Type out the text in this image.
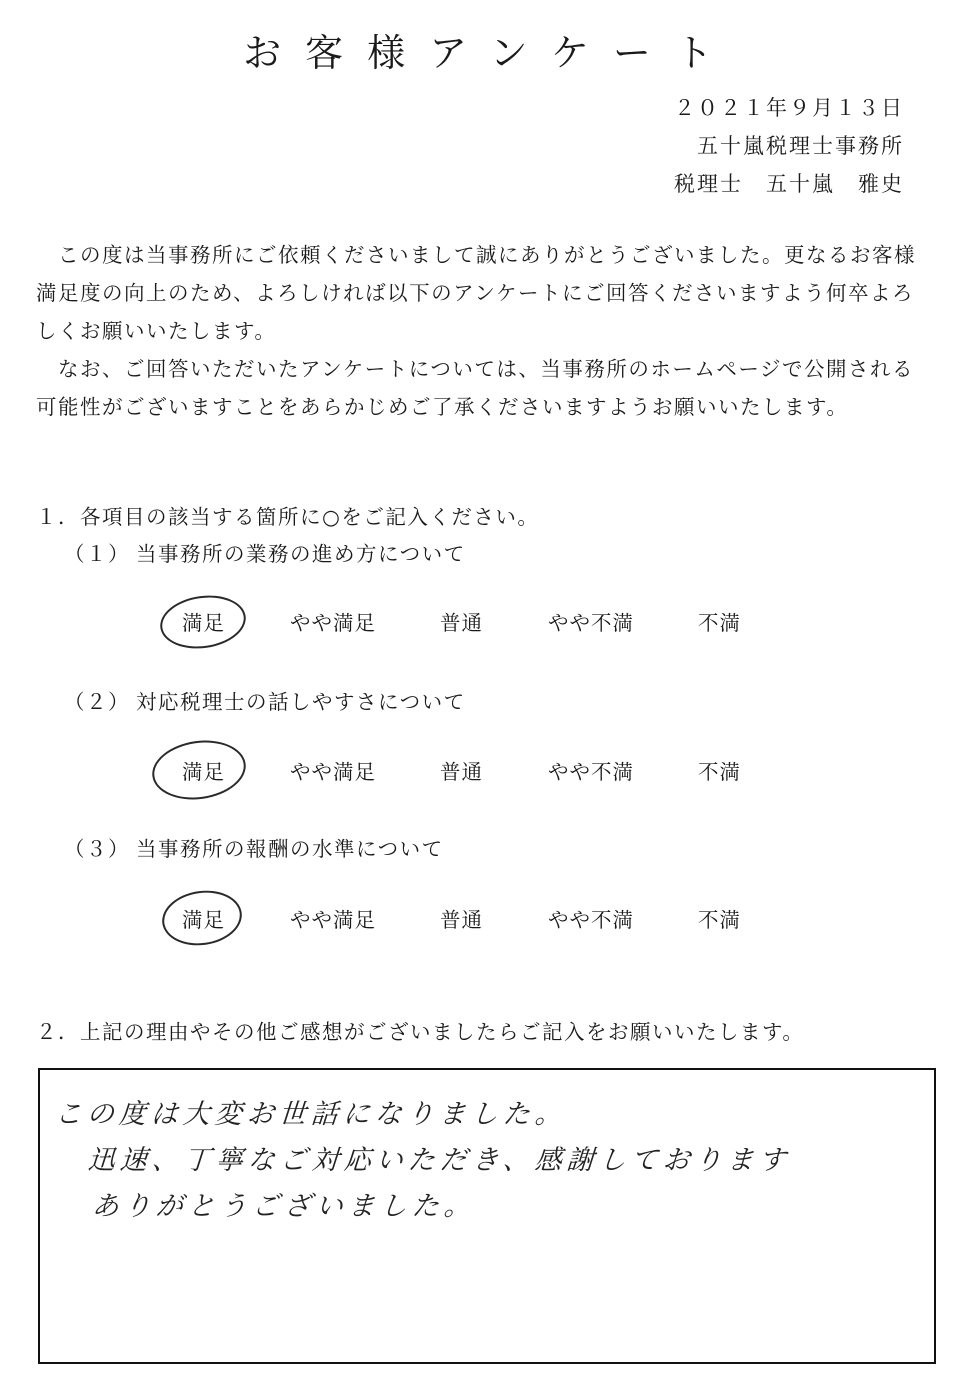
お客様アンケート
２０２１年９月１３日
五十嵐税理士事務所
税理士　五十嵐　雅史
この度は当事務所にご依頼くださいまして誠にありがとうございました。更なるお客様
満足度の向上のため、よろしければ以下のアンケートにご回答くださいますよう何卒よろ
しくお願いいたします。
なお、ご回答いただいたアンケートについては、当事務所のホームページで公開される
可能性がございますことをあらかじめご了承くださいますようお願いいたします。
１．各項目の該当する箇所に○をご記入ください。
（１） 当事務所の業務の進め方について
満足	やや満足	普通	やや不満	不満
（２） 対応税理士の話しやすさについて
満足	やや満足	普通	やや不満	不満
（３） 当事務所の報酬の水準について
満足	やや満足	普通	やや不満	不満
２．上記の理由やその他ご感想がございましたらご記入をお願いいたします。
この度は大変お世話になりました。
迅速、丁寧なご対応いただき、感謝しております
ありがとうございました。
